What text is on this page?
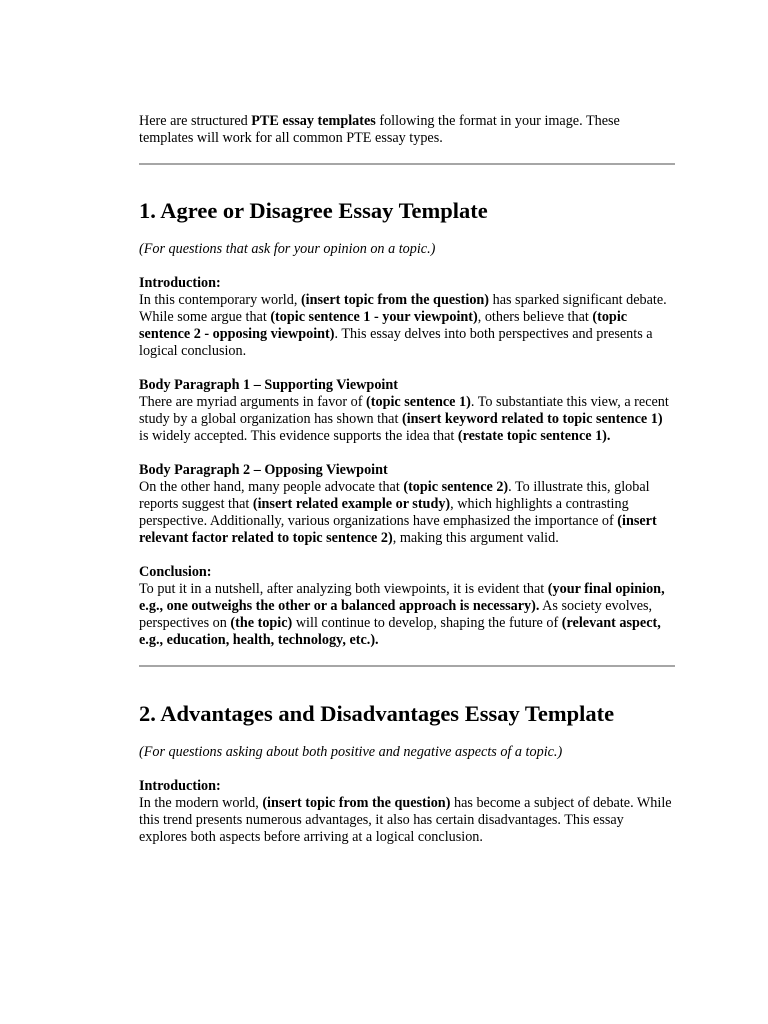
Here are structured PTE essay templates following the format in your image. These templates will work for all common PTE essay types.

1. Agree or Disagree Essay Template

(For questions that ask for your opinion on a topic.)

Introduction:

In this contemporary world, (insert topic from the question) has sparked significant debate. While some argue that (topic sentence 1 - your viewpoint), others believe that (topic sentence 2 - opposing viewpoint). This essay delves into both perspectives and presents a logical conclusion.

Body Paragraph 1 – Supporting Viewpoint

There are myriad arguments in favor of (topic sentence 1). To substantiate this view, a recent study by a global organization has shown that (insert keyword related to topic sentence 1) is widely accepted. This evidence supports the idea that (restate topic sentence 1).

Body Paragraph 2 – Opposing Viewpoint

On the other hand, many people advocate that (topic sentence 2). To illustrate this, global reports suggest that (insert related example or study), which highlights a contrasting perspective. Additionally, various organizations have emphasized the importance of (insert relevant factor related to topic sentence 2), making this argument valid.

Conclusion:

To put it in a nutshell, after analyzing both viewpoints, it is evident that (your final opinion, e.g., one outweighs the other or a balanced approach is necessary). As society evolves, perspectives on (the topic) will continue to develop, shaping the future of (relevant aspect, e.g., education, health, technology, etc.).

2. Advantages and Disadvantages Essay Template

(For questions asking about both positive and negative aspects of a topic.)

Introduction:

In the modern world, (insert topic from the question) has become a subject of debate. While this trend presents numerous advantages, it also has certain disadvantages. This essay explores both aspects before arriving at a logical conclusion.
